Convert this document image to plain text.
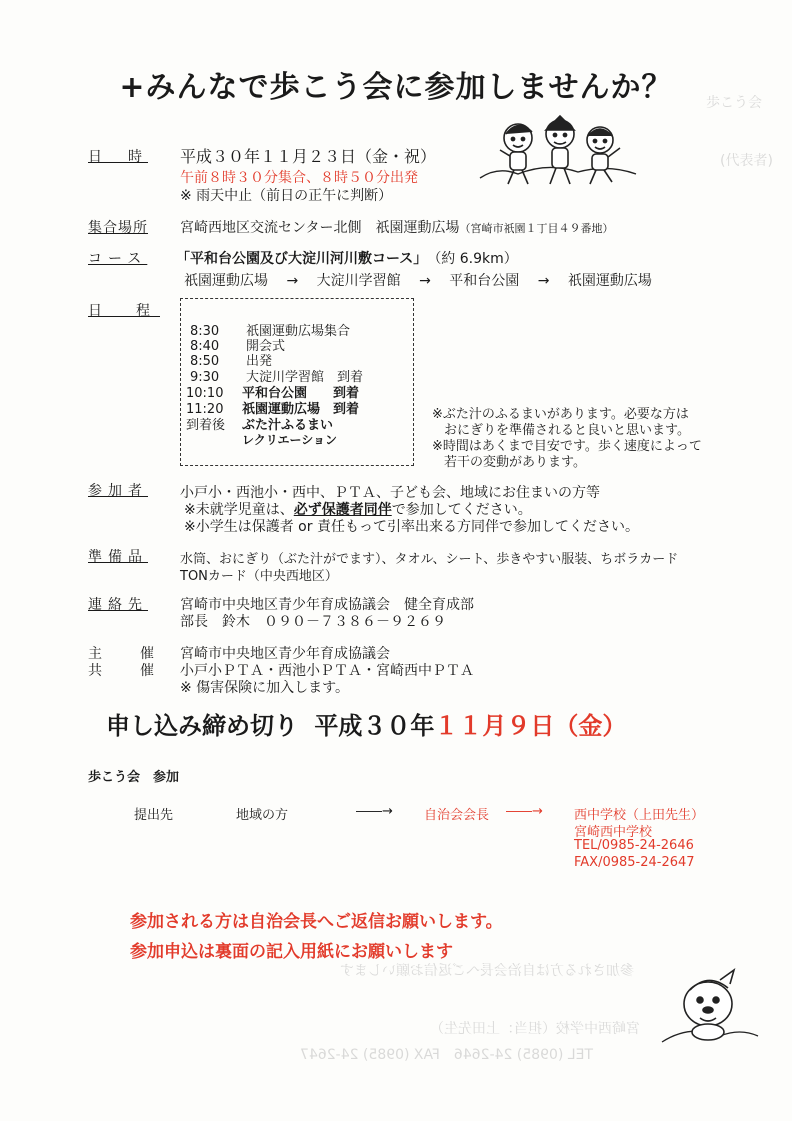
歩こう会
(代表者)
参加される方は自治会長へご返信お願いします
宮崎西中学校（担当：上田先生）
TEL (0985) 24-2646　FAX (0985) 24-2647
+みんなで歩こう会に参加しませんか？
日　時 平成３０年１１月２３日（金・祝）
午前８時３０分集合、８時５０分出発
※ 雨天中止（前日の正午に判断）
集合場所 宮崎西地区交流センター北側　祇園運動広場（宮崎市祇園１丁目４９番地）
コース 「平和台公園及び大淀川河川敷コース」　 （約 6.9km）
祇園運動広場 → 大淀川学習館 → 平和台公園 → 祇園運動広場
日　程
8:30 祇園運動広場集合
8:40 開会式
8:50 出発
9:30 大淀川学習館　到着
10:10 平和台公園　　到着
11:20 祇園運動広場　到着
到着後 ぶた汁ふるまい
レクリエーション
※ぶた汁のふるまいがあります。必要な方は
おにぎりを準備されると良いと思います。
※時間はあくまで目安です。歩く速度によって
若干の変動があります。
参加者 小戸小・西池小・西中、ＰＴＡ、子ども会、地域にお住まいの方等
※未就学児童は、必ず保護者同伴で参加してください。
※小学生は保護者 or 責任もって引率出来る方同伴で参加してください。
準備品 水筒、おにぎり（ぶた汁がでます）、タオル、シート、歩きやすい服装、ちボラカード
TONカード（中央西地区）
連絡先 宮崎市中央地区青少年育成協議会　健全育成部
部長　鈴木　０９０－７３８６－９２６９
主　催
共　催
宮崎市中央地区青少年育成協議会
小戸小ＰＴＡ・西池小ＰＴＡ・宮崎西中ＰＴＡ
※ 傷害保険に加入します。
申し込み締め切り 平成３０年１１月９日（金）
歩こう会　参加
提出先	地域の方	――→ 自治会会長 ――→ 西中学校（上田先生）
宮崎西中学校
TEL/0985-24-2646
FAX/0985-24-2647
参加される方は自治会長へご返信お願いします。
参加申込は裏面の記入用紙にお願いします
